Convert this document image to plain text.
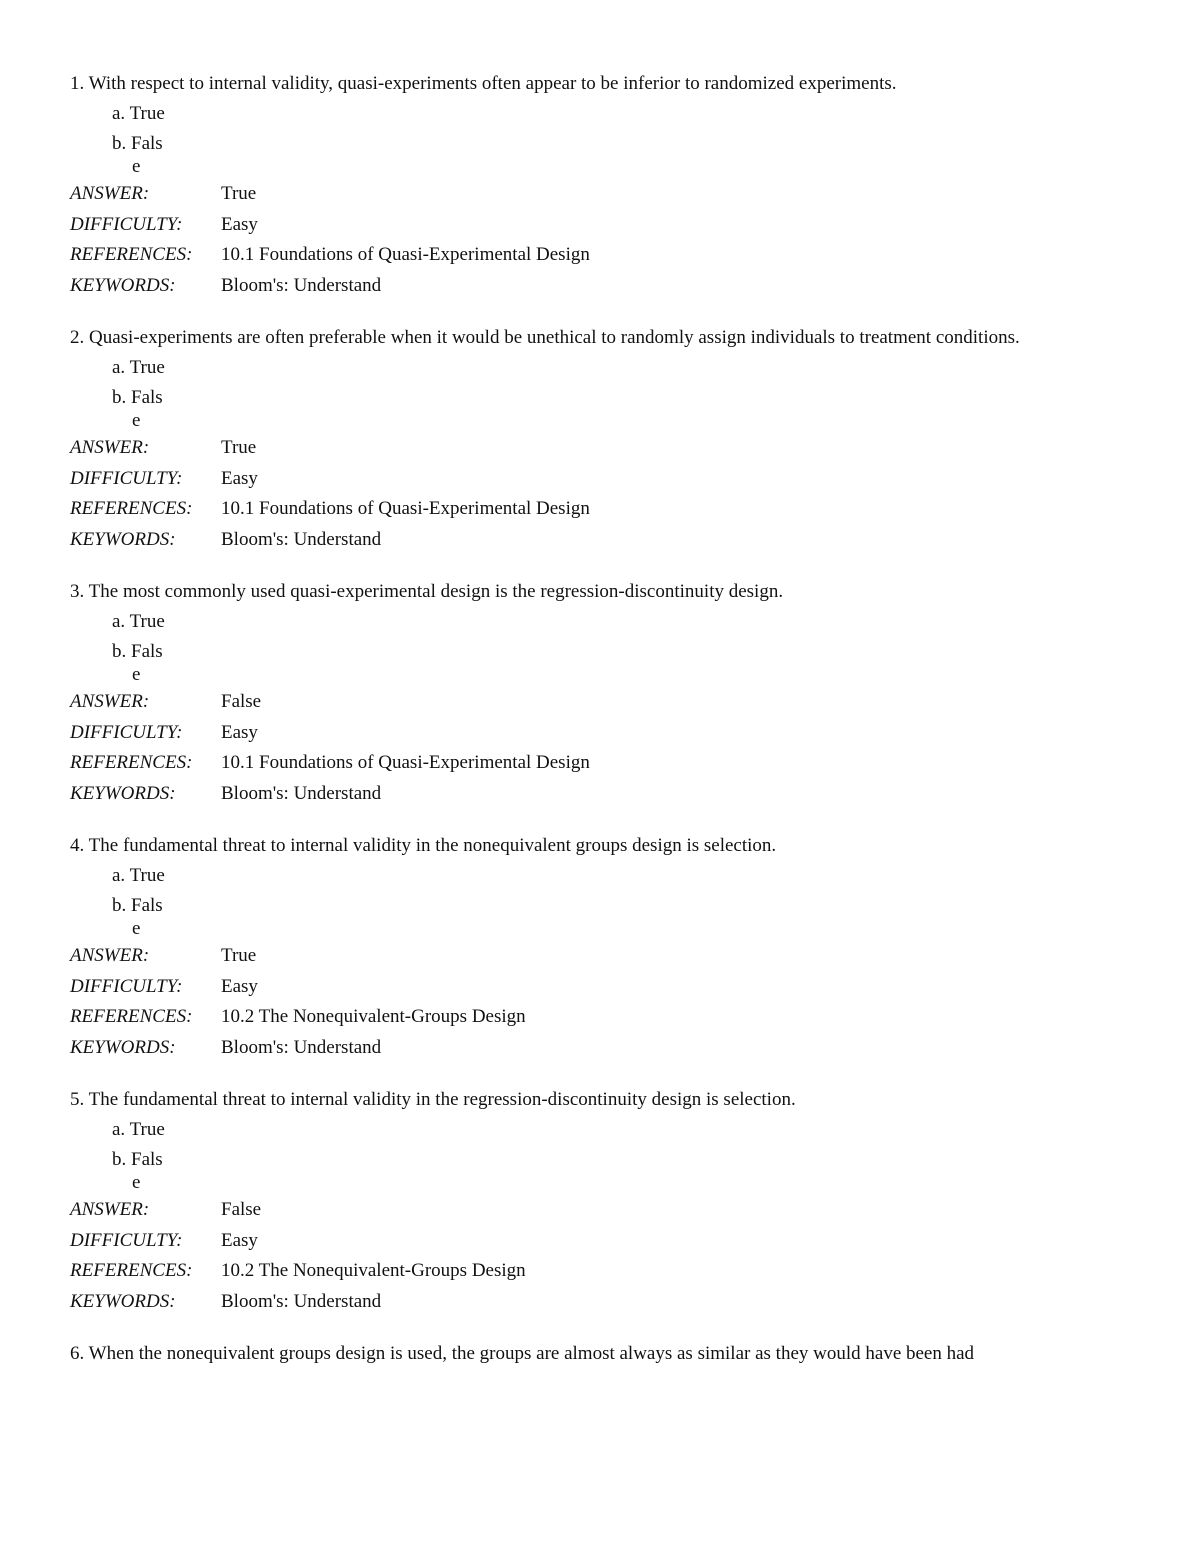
1. With respect to internal validity, quasi-experiments often appear to be inferior to randomized experiments.
a. True
b. Fals
e
ANSWER:	True
DIFFICULTY:	Easy
REFERENCES:	10.1 Foundations of Quasi-Experimental Design
KEYWORDS:	Bloom's: Understand
2. Quasi-experiments are often preferable when it would be unethical to randomly assign individuals to treatment conditions.
a. True
b. Fals
e
ANSWER:	True
DIFFICULTY:	Easy
REFERENCES:	10.1 Foundations of Quasi-Experimental Design
KEYWORDS:	Bloom's: Understand
3. The most commonly used quasi-experimental design is the regression-discontinuity design.
a. True
b. Fals
e
ANSWER:	False
DIFFICULTY:	Easy
REFERENCES:	10.1 Foundations of Quasi-Experimental Design
KEYWORDS:	Bloom's: Understand
4. The fundamental threat to internal validity in the nonequivalent groups design is selection.
a. True
b. Fals
e
ANSWER:	True
DIFFICULTY:	Easy
REFERENCES:	10.2 The Nonequivalent-Groups Design
KEYWORDS:	Bloom's: Understand
5. The fundamental threat to internal validity in the regression-discontinuity design is selection.
a. True
b. Fals
e
ANSWER:	False
DIFFICULTY:	Easy
REFERENCES:	10.2 The Nonequivalent-Groups Design
KEYWORDS:	Bloom's: Understand
6. When the nonequivalent groups design is used, the groups are almost always as similar as they would have been had
